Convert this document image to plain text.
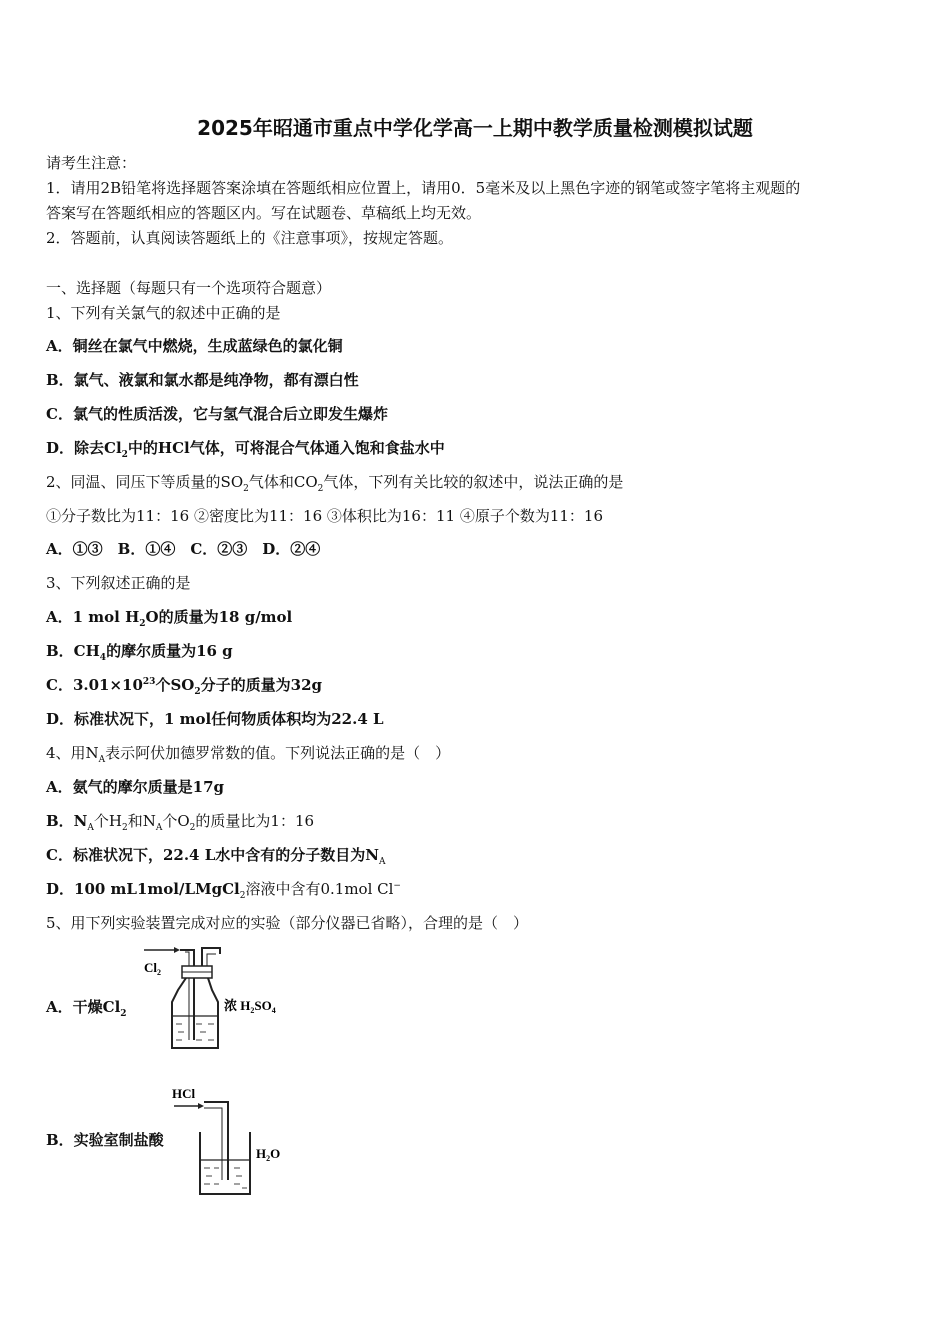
2025年昭通市重点中学化学高一上期中教学质量检测模拟试题
请考生注意：
1．请用2B铅笔将选择题答案涂填在答题纸相应位置上，请用0．5毫米及以上黑色字迹的钢笔或签字笔将主观题的
答案写在答题纸相应的答题区内。写在试题卷、草稿纸上均无效。
2．答题前，认真阅读答题纸上的《注意事项》，按规定答题。
一、选择题（每题只有一个选项符合题意）
1、下列有关氯气的叙述中正确的是
A．铜丝在氯气中燃烧，生成蓝绿色的氯化铜
B．氯气、液氯和氯水都是纯净物，都有漂白性
C．氯气的性质活泼，它与氢气混合后立即发生爆炸
D．除去$Cl_2$中的HCl气体，可将混合气体通入饱和食盐水中
2、同温、同压下等质量的$SO_2$气体和$CO_2$气体，下列有关比较的叙述中，说法正确的是
①分子数比为11：16 ②密度比为11：16 ③体积比为16：11 ④原子个数为11：16
A．①③　B．①④　C．②③　D．②④
3、下列叙述正确的是
A．1 mol $H_2O$的质量为18 g/mol
B．$CH_4$的摩尔质量为16 g
C．$3.01\times 10^{23}$个$SO_2$分子的质量为32g
D．标准状况下，1 mol任何物质体积均为22.4 L
4、用$N_A$表示阿伏加德罗常数的值。下列说法正确的是（　）
A．氨气的摩尔质量是17g
B．$N_A$个$H_2$和$N_A$个$O_2$的质量比为1：16
C．标准状况下，22.4 L水中含有的分子数目为$N_A$
D．100 mL1mol/LMgCl$_2$溶液中含有0.1mol Cl−
5、用下列实验装置完成对应的实验（部分仪器已省略），合理的是（　）
A．干燥$Cl_2$
B．实验室制盐酸
$Cl_2$
浓 $H_2SO_4$
HCl
$H_2O$
